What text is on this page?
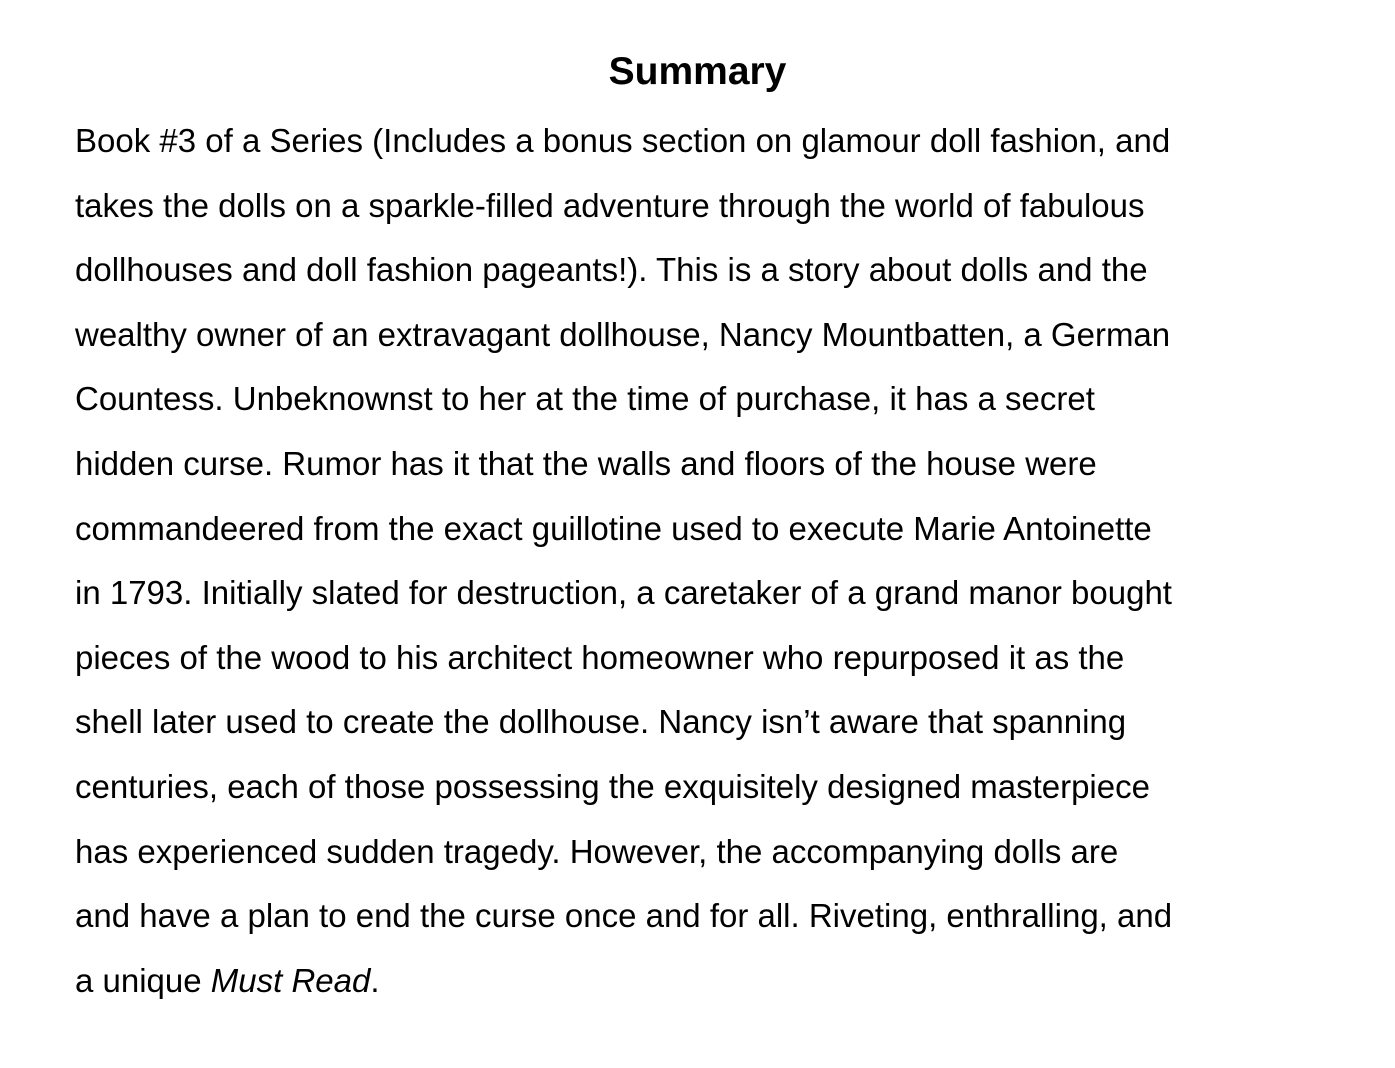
Summary

Book #3 of a Series (Includes a bonus section on glamour doll fashion, and
takes the dolls on a sparkle-filled adventure through the world of fabulous
dollhouses and doll fashion pageants!). This is a story about dolls and the
wealthy owner of an extravagant dollhouse, Nancy Mountbatten, a German
Countess. Unbeknownst to her at the time of purchase, it has a secret
hidden curse. Rumor has it that the walls and floors of the house were
commandeered from the exact guillotine used to execute Marie Antoinette
in 1793. Initially slated for destruction, a caretaker of a grand manor bought
pieces of the wood to his architect homeowner who repurposed it as the
shell later used to create the dollhouse. Nancy isn’t aware that spanning
centuries, each of those possessing the exquisitely designed masterpiece
has experienced sudden tragedy. However, the accompanying dolls are
and have a plan to end the curse once and for all. Riveting, enthralling, and
a unique Must Read.
